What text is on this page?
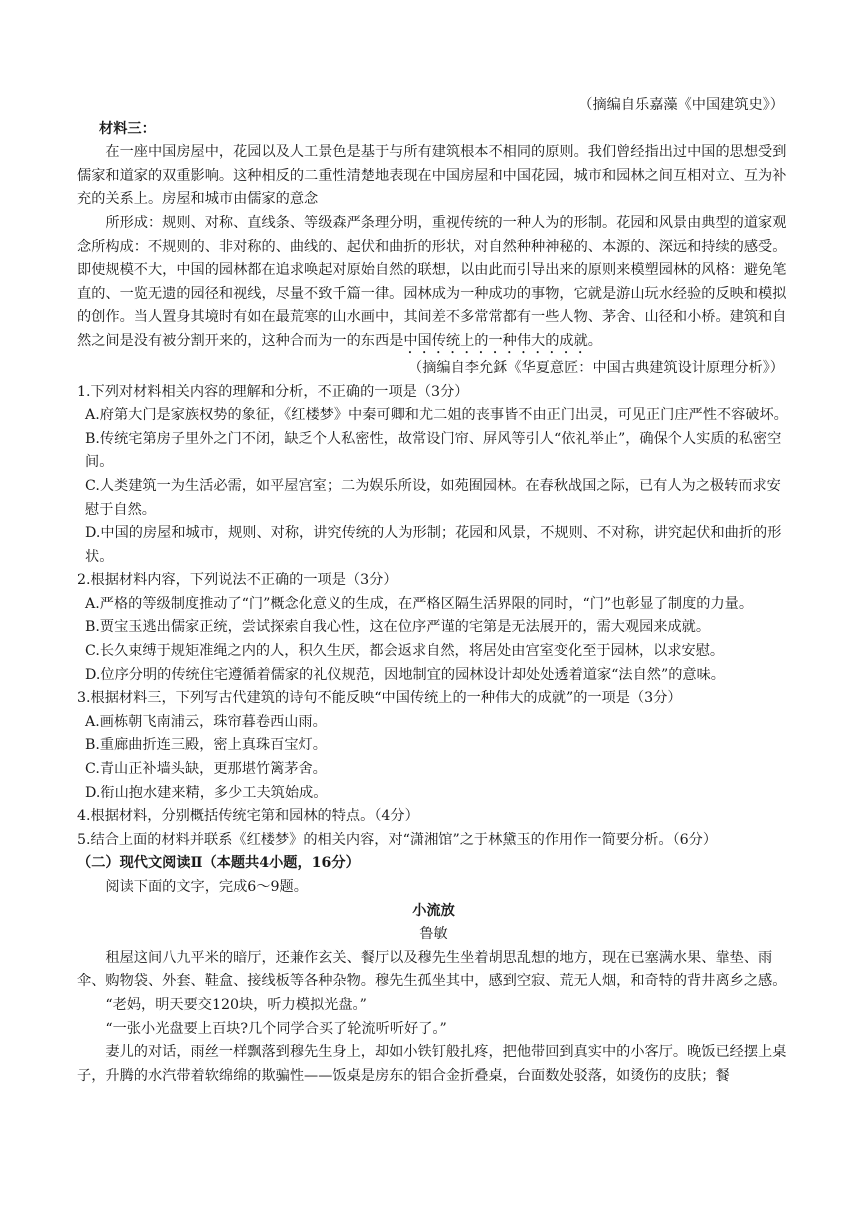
（摘编自乐嘉藻《中国建筑史》）

材料三：

在一座中国房屋中，花园以及人工景色是基于与所有建筑根本不相同的原则。我们曾经指出过中国的思想受到儒家和道家的双重影响。这种相反的二重性清楚地表现在中国房屋和中国花园，城市和园林之间互相对立、互为补充的关系上。房屋和城市由儒家的意念

所形成：规则、对称、直线条、等级森严条理分明，重视传统的一种人为的形制。花园和风景由典型的道家观念所构成：不规则的、非对称的、曲线的、起伏和曲折的形状，对自然种种神秘的、本源的、深远和持续的感受。即使规模不大，中国的园林都在追求唤起对原始自然的联想，以由此而引导出来的原则来模塑园林的风格：避免笔直的、一览无遗的园径和视线，尽量不致千篇一律。园林成为一种成功的事物，它就是游山玩水经验的反映和模拟的创作。当人置身其境时有如在最荒寒的山水画中，其间差不多常常都有一些人物、茅舍、山径和小桥。建筑和自然之间是没有被分割开来的，这种合而为一的东西是中国传统上的一种伟大的成就。

（摘编自李允鉌《华夏意匠：中国古典建筑设计原理分析》）

1.下列对材料相关内容的理解和分析，不正确的一项是（3分）

A.府第大门是家族权势的象征，《红楼梦》中秦可卿和尤二姐的丧事皆不由正门出灵，可见正门庄严性不容破坏。

B.传统宅第房子里外之门不闭，缺乏个人私密性，故常设门帘、屏风等引人“依礼举止”，确保个人实质的私密空间。

C.人类建筑一为生活必需，如平屋宫室；二为娱乐所设，如苑囿园林。在春秋战国之际，已有人为之极转而求安慰于自然。

D.中国的房屋和城市，规则、对称，讲究传统的人为形制；花园和风景，不规则、不对称，讲究起伏和曲折的形状。

2.根据材料内容，下列说法不正确的一项是（3分）

A.严格的等级制度推动了“门”概念化意义的生成，在严格区隔生活界限的同时，“门”也彰显了制度的力量。

B.贾宝玉逃出儒家正统，尝试探索自我心性，这在位序严谨的宅第是无法展开的，需大观园来成就。

C.长久束缚于规矩准绳之内的人，积久生厌，都会返求自然，将居处由宫室变化至于园林，以求安慰。

D.位序分明的传统住宅遵循着儒家的礼仪规范，因地制宜的园林设计却处处透着道家“法自然”的意味。

3.根据材料三，下列写古代建筑的诗句不能反映“中国传统上的一种伟大的成就”的一项是（3分）

A.画栋朝飞南浦云，珠帘暮卷西山雨。

B.重廊曲折连三殿，密上真珠百宝灯。

C.青山正补墙头缺，更那堪竹篱茅舍。

D.衔山抱水建来精，多少工夫筑始成。

4.根据材料，分别概括传统宅第和园林的特点。（4分）

5.结合上面的材料并联系《红楼梦》的相关内容，对“潇湘馆”之于林黛玉的作用作一简要分析。（6分）

（二）现代文阅读Ⅱ（本题共4小题，16分）

阅读下面的文字，完成6～9题。

小流放

鲁敏

租屋这间八九平米的暗厅，还兼作玄关、餐厅以及穆先生坐着胡思乱想的地方，现在已塞满水果、靠垫、雨伞、购物袋、外套、鞋盒、接线板等各种杂物。穆先生孤坐其中，感到空寂、荒无人烟，和奇特的背井离乡之感。

“老妈，明天要交120块，听力模拟光盘。”

“一张小光盘要上百块?几个同学合买了轮流听听好了。”

妻儿的对话，雨丝一样飘落到穆先生身上，却如小铁钉般扎疼，把他带回到真实中的小客厅。晚饭已经摆上桌子，升腾的水汽带着软绵绵的欺骗性——饭桌是房东的铝合金折叠桌，台面数处驳落，如烫伤的皮肤；餐
